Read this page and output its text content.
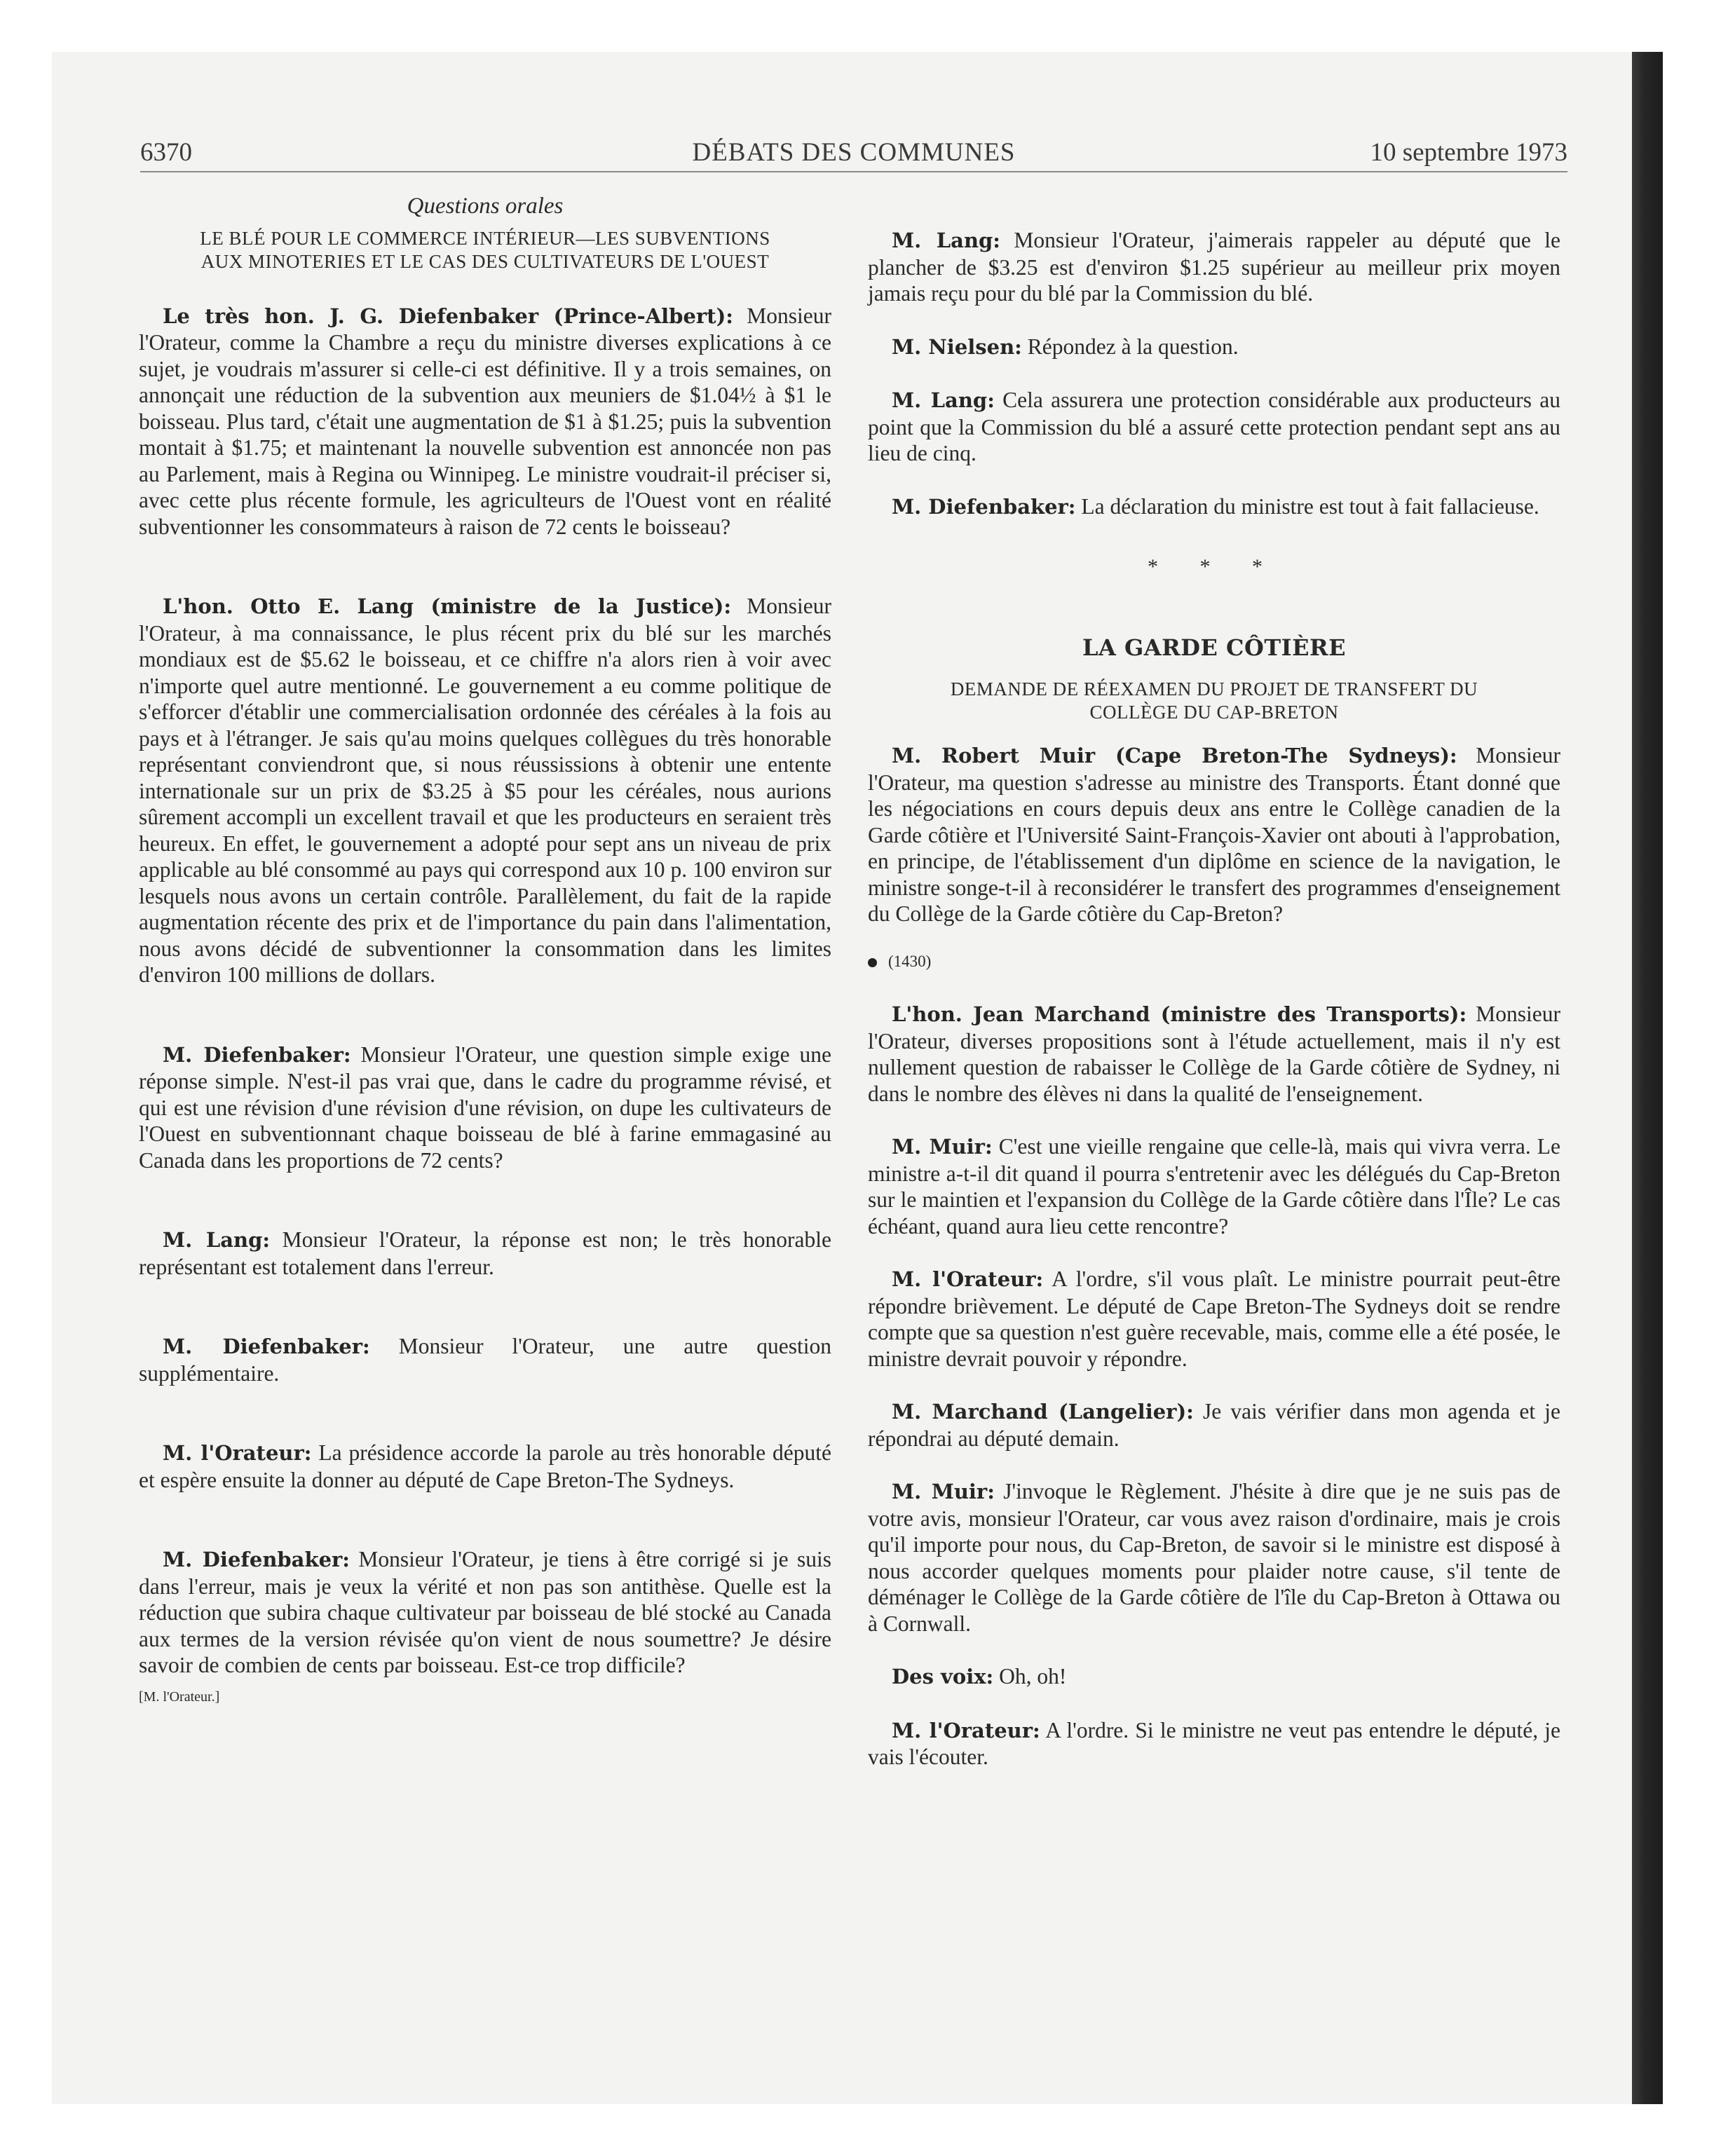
6370	DÉBATS DES COMMUNES	10 septembre 1973
Questions orales
LE BLÉ POUR LE COMMERCE INTÉRIEUR—LES SUBVENTIONS AUX MINOTERIES ET LE CAS DES CULTIVATEURS DE L'OUEST

Le très hon. J. G. Diefenbaker (Prince-Albert): Monsieur l'Orateur, comme la Chambre a reçu du ministre diverses explications à ce sujet, je voudrais m'assurer si celle-ci est définitive. Il y a trois semaines, on annonçait une réduction de la subvention aux meuniers de $1.04½ à $1 le boisseau. Plus tard, c'était une augmentation de $1 à $1.25; puis la subvention montait à $1.75; et maintenant la nouvelle subvention est annoncée non pas au Parlement, mais à Regina ou Winnipeg. Le ministre voudrait-il préciser si, avec cette plus récente formule, les agriculteurs de l'Ouest vont en réalité subventionner les consommateurs à raison de 72 cents le boisseau?

L'hon. Otto E. Lang (ministre de la Justice): Monsieur l'Orateur, à ma connaissance, le plus récent prix du blé sur les marchés mondiaux est de $5.62 le boisseau, et ce chiffre n'a alors rien à voir avec n'importe quel autre mentionné. Le gouvernement a eu comme politique de s'efforcer d'établir une commercialisation ordonnée des céréales à la fois au pays et à l'étranger. Je sais qu'au moins quelques collègues du très honorable représentant conviendront que, si nous réussissions à obtenir une entente internationale sur un prix de $3.25 à $5 pour les céréales, nous aurions sûrement accompli un excellent travail et que les producteurs en seraient très heureux. En effet, le gouvernement a adopté pour sept ans un niveau de prix applicable au blé consommé au pays qui correspond aux 10 p. 100 environ sur lesquels nous avons un certain contrôle. Parallèlement, du fait de la rapide augmentation récente des prix et de l'importance du pain dans l'alimentation, nous avons décidé de subventionner la consommation dans les limites d'environ 100 millions de dollars.

M. Diefenbaker: Monsieur l'Orateur, une question simple exige une réponse simple. N'est-il pas vrai que, dans le cadre du programme révisé, et qui est une révision d'une révision d'une révision, on dupe les cultivateurs de l'Ouest en subventionnant chaque boisseau de blé à farine emmagasiné au Canada dans les proportions de 72 cents?

M. Lang: Monsieur l'Orateur, la réponse est non; le très honorable représentant est totalement dans l'erreur.

M. Diefenbaker: Monsieur l'Orateur, une autre question supplémentaire.

M. l'Orateur: La présidence accorde la parole au très honorable député et espère ensuite la donner au député de Cape Breton-The Sydneys.

M. Diefenbaker: Monsieur l'Orateur, je tiens à être corrigé si je suis dans l'erreur, mais je veux la vérité et non pas son antithèse. Quelle est la réduction que subira chaque cultivateur par boisseau de blé stocké au Canada aux termes de la version révisée qu'on vient de nous soumettre? Je désire savoir de combien de cents par boisseau. Est-ce trop difficile?

[M. l'Orateur.]

M. Lang: Monsieur l'Orateur, j'aimerais rappeler au député que le plancher de $3.25 est d'environ $1.25 supérieur au meilleur prix moyen jamais reçu pour du blé par la Commission du blé.

M. Nielsen: Répondez à la question.

M. Lang: Cela assurera une protection considérable aux producteurs au point que la Commission du blé a assuré cette protection pendant sept ans au lieu de cinq.

M. Diefenbaker: La déclaration du ministre est tout à fait fallacieuse.

* * *
LA GARDE CÔTIÈRE
DEMANDE DE RÉEXAMEN DU PROJET DE TRANSFERT DU COLLÈGE DU CAP-BRETON

M. Robert Muir (Cape Breton-The Sydneys): Monsieur l'Orateur, ma question s'adresse au ministre des Transports. Étant donné que les négociations en cours depuis deux ans entre le Collège canadien de la Garde côtière et l'Université Saint-François-Xavier ont abouti à l'approbation, en principe, de l'établissement d'un diplôme en science de la navigation, le ministre songe-t-il à reconsidérer le transfert des programmes d'enseignement du Collège de la Garde côtière du Cap-Breton?

(1430)

L'hon. Jean Marchand (ministre des Transports): Monsieur l'Orateur, diverses propositions sont à l'étude actuellement, mais il n'y est nullement question de rabaisser le Collège de la Garde côtière de Sydney, ni dans le nombre des élèves ni dans la qualité de l'enseignement.

M. Muir: C'est une vieille rengaine que celle-là, mais qui vivra verra. Le ministre a-t-il dit quand il pourra s'entretenir avec les délégués du Cap-Breton sur le maintien et l'expansion du Collège de la Garde côtière dans l'Île? Le cas échéant, quand aura lieu cette rencontre?

M. l'Orateur: A l'ordre, s'il vous plaît. Le ministre pourrait peut-être répondre brièvement. Le député de Cape Breton-The Sydneys doit se rendre compte que sa question n'est guère recevable, mais, comme elle a été posée, le ministre devrait pouvoir y répondre.

M. Marchand (Langelier): Je vais vérifier dans mon agenda et je répondrai au député demain.

M. Muir: J'invoque le Règlement. J'hésite à dire que je ne suis pas de votre avis, monsieur l'Orateur, car vous avez raison d'ordinaire, mais je crois qu'il importe pour nous, du Cap-Breton, de savoir si le ministre est disposé à nous accorder quelques moments pour plaider notre cause, s'il tente de déménager le Collège de la Garde côtière de l'île du Cap-Breton à Ottawa ou à Cornwall.

Des voix: Oh, oh!

M. l'Orateur: A l'ordre. Si le ministre ne veut pas entendre le député, je vais l'écouter.
